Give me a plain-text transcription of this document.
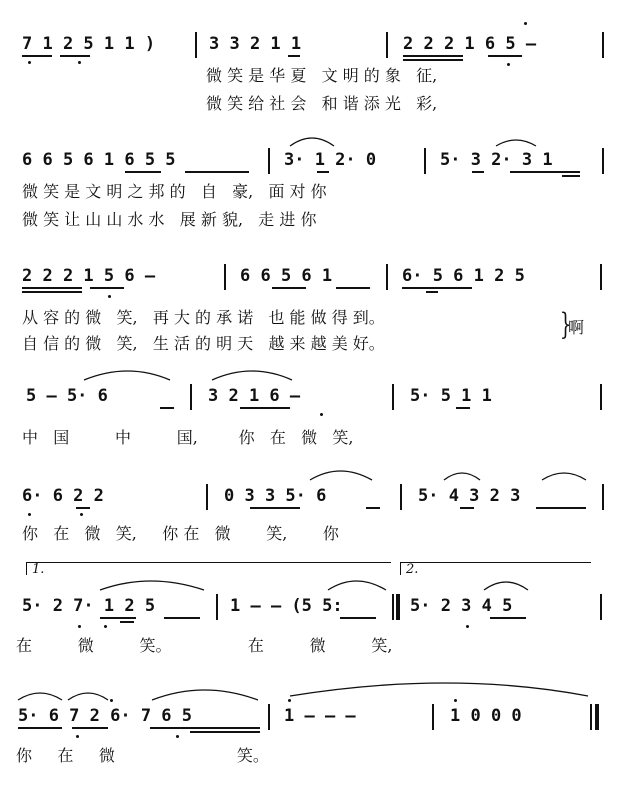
7 1 2 5 1 1 )	3 3 2 1 1	2 2 2 1 6 5 –
微 笑 是 华 夏   文 明 的 象   征,
微 笑 给 社 会   和 谐 添 光   彩,
6 6 5 6 1 6 5 5	3· 1 2· 0	5· 3 2· 3 1
微 笑 是 文 明 之 邦 的   自   豪,   面 对 你
微 笑 让 山 山 水 水   展 新 貌,   走 进 你
2 2 2 1 5 6 –	6 6 5 6 1	6· 5 6 1 2 5
从 容 的 微   笑,   再 大 的 承 诺   也 能 做 得 到。
自 信 的 微   笑,   生 活 的 明 天   越 来 越 美 好。
}
啊
5 – 5· 6	3 2 1 6 –	5· 5 1 1
中   国         中         国,        你   在   微   笑,
6· 6 2 2	0 3 3 5· 6	5· 4 3 2 3
你   在   微   笑,     你 在   微       笑,       你
1.	2.
5· 2 7· 1 2 5	1 – – (5 5:	5· 2 3 4 5
在         微         笑。               在         微         笑,
5· 6 7 2 6· 7 6 5	1 – – –	1 0 0 0
你     在     微                        笑。
